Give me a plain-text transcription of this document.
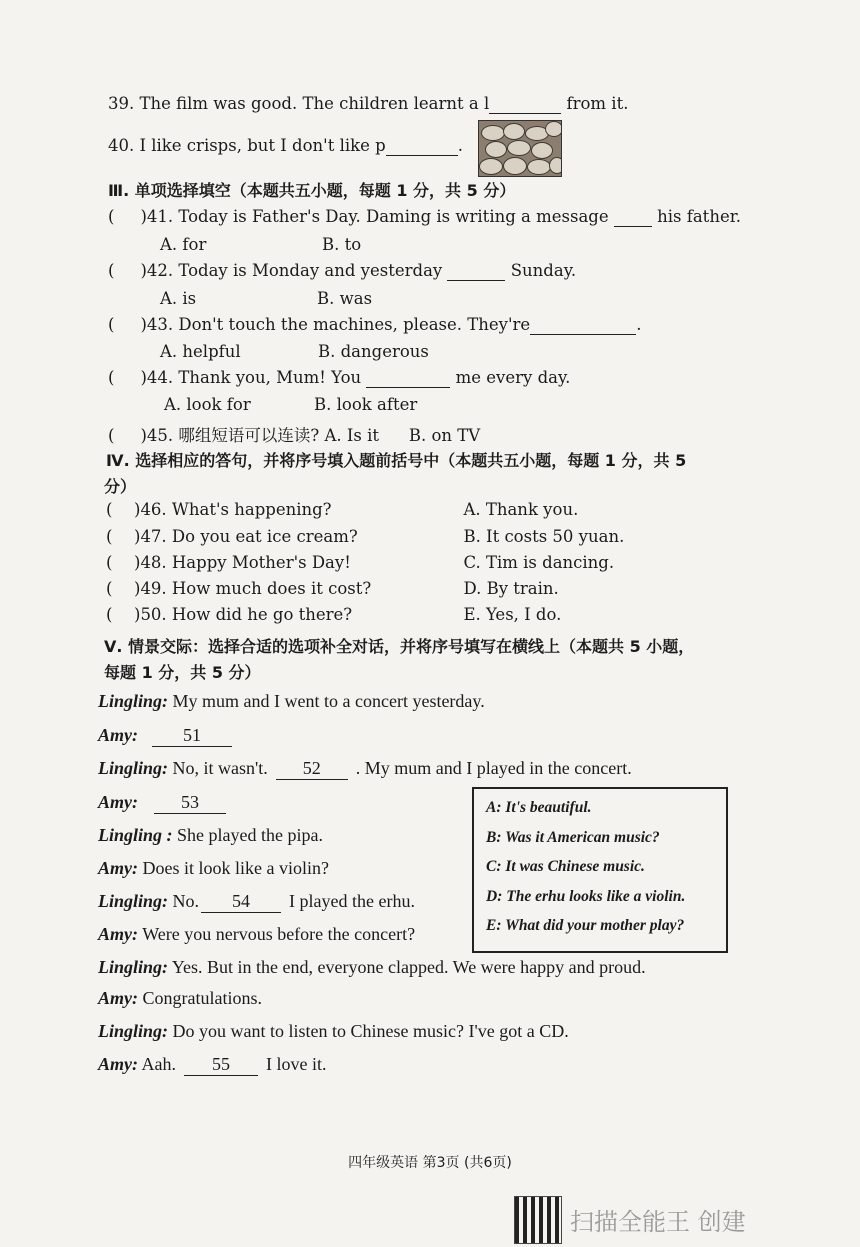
39. The film was good. The children learnt a l	from it.
40. I like crisps, but I don't like p	.
Ⅲ. 单项选择填空（本题共五小题，每题 1 分，共 5 分）
( )41. Today is Father's Day. Daming is writing a message	his father.
A. for	B. to
( )42. Today is Monday and yesterday	Sunday.
A. is	B. was
( )43. Don't touch the machines, please. They're	.
A. helpful	B. dangerous
( )44. Thank you, Mum! You	me every day.
A. look for	B. look after
( )45. 哪组短语可以连读? A. Is it B. on TV
Ⅳ. 选择相应的答句，并将序号填入题前括号中（本题共五小题，每题 1 分，共 5
分）
( )46. What's happening?	A. Thank you.
( )47. Do you eat ice cream?	B. It costs 50 yuan.
( )48. Happy Mother's Day!	C. Tim is dancing.
( )49. How much does it cost?	D. By train.
( )50. How did he go there?	E. Yes, I do.
Ⅴ. 情景交际：选择合适的选项补全对话，并将序号填写在横线上（本题共 5 小题，
每题 1 分，共 5 分）
Lingling: My mum and I went to a concert yesterday.
Amy:	51
Lingling: No, it wasn't. 52 . My mum and I played in the concert.
Amy: 53
Lingling : She played the pipa.
Amy: Does it look like a violin?
Lingling: No. 54 I played the erhu.
Amy: Were you nervous before the concert?
Lingling: Yes. But in the end, everyone clapped. We were happy and proud.
Amy: Congratulations.
Lingling: Do you want to listen to Chinese music? I've got a CD.
Amy: Aah. 55 I love it.
A: It's beautiful.
B: Was it American music?
C: It was Chinese music.
D: The erhu looks like a violin.
E: What did your mother play?
四年级英语 第3页 (共6页)
扫描全能王 创建
